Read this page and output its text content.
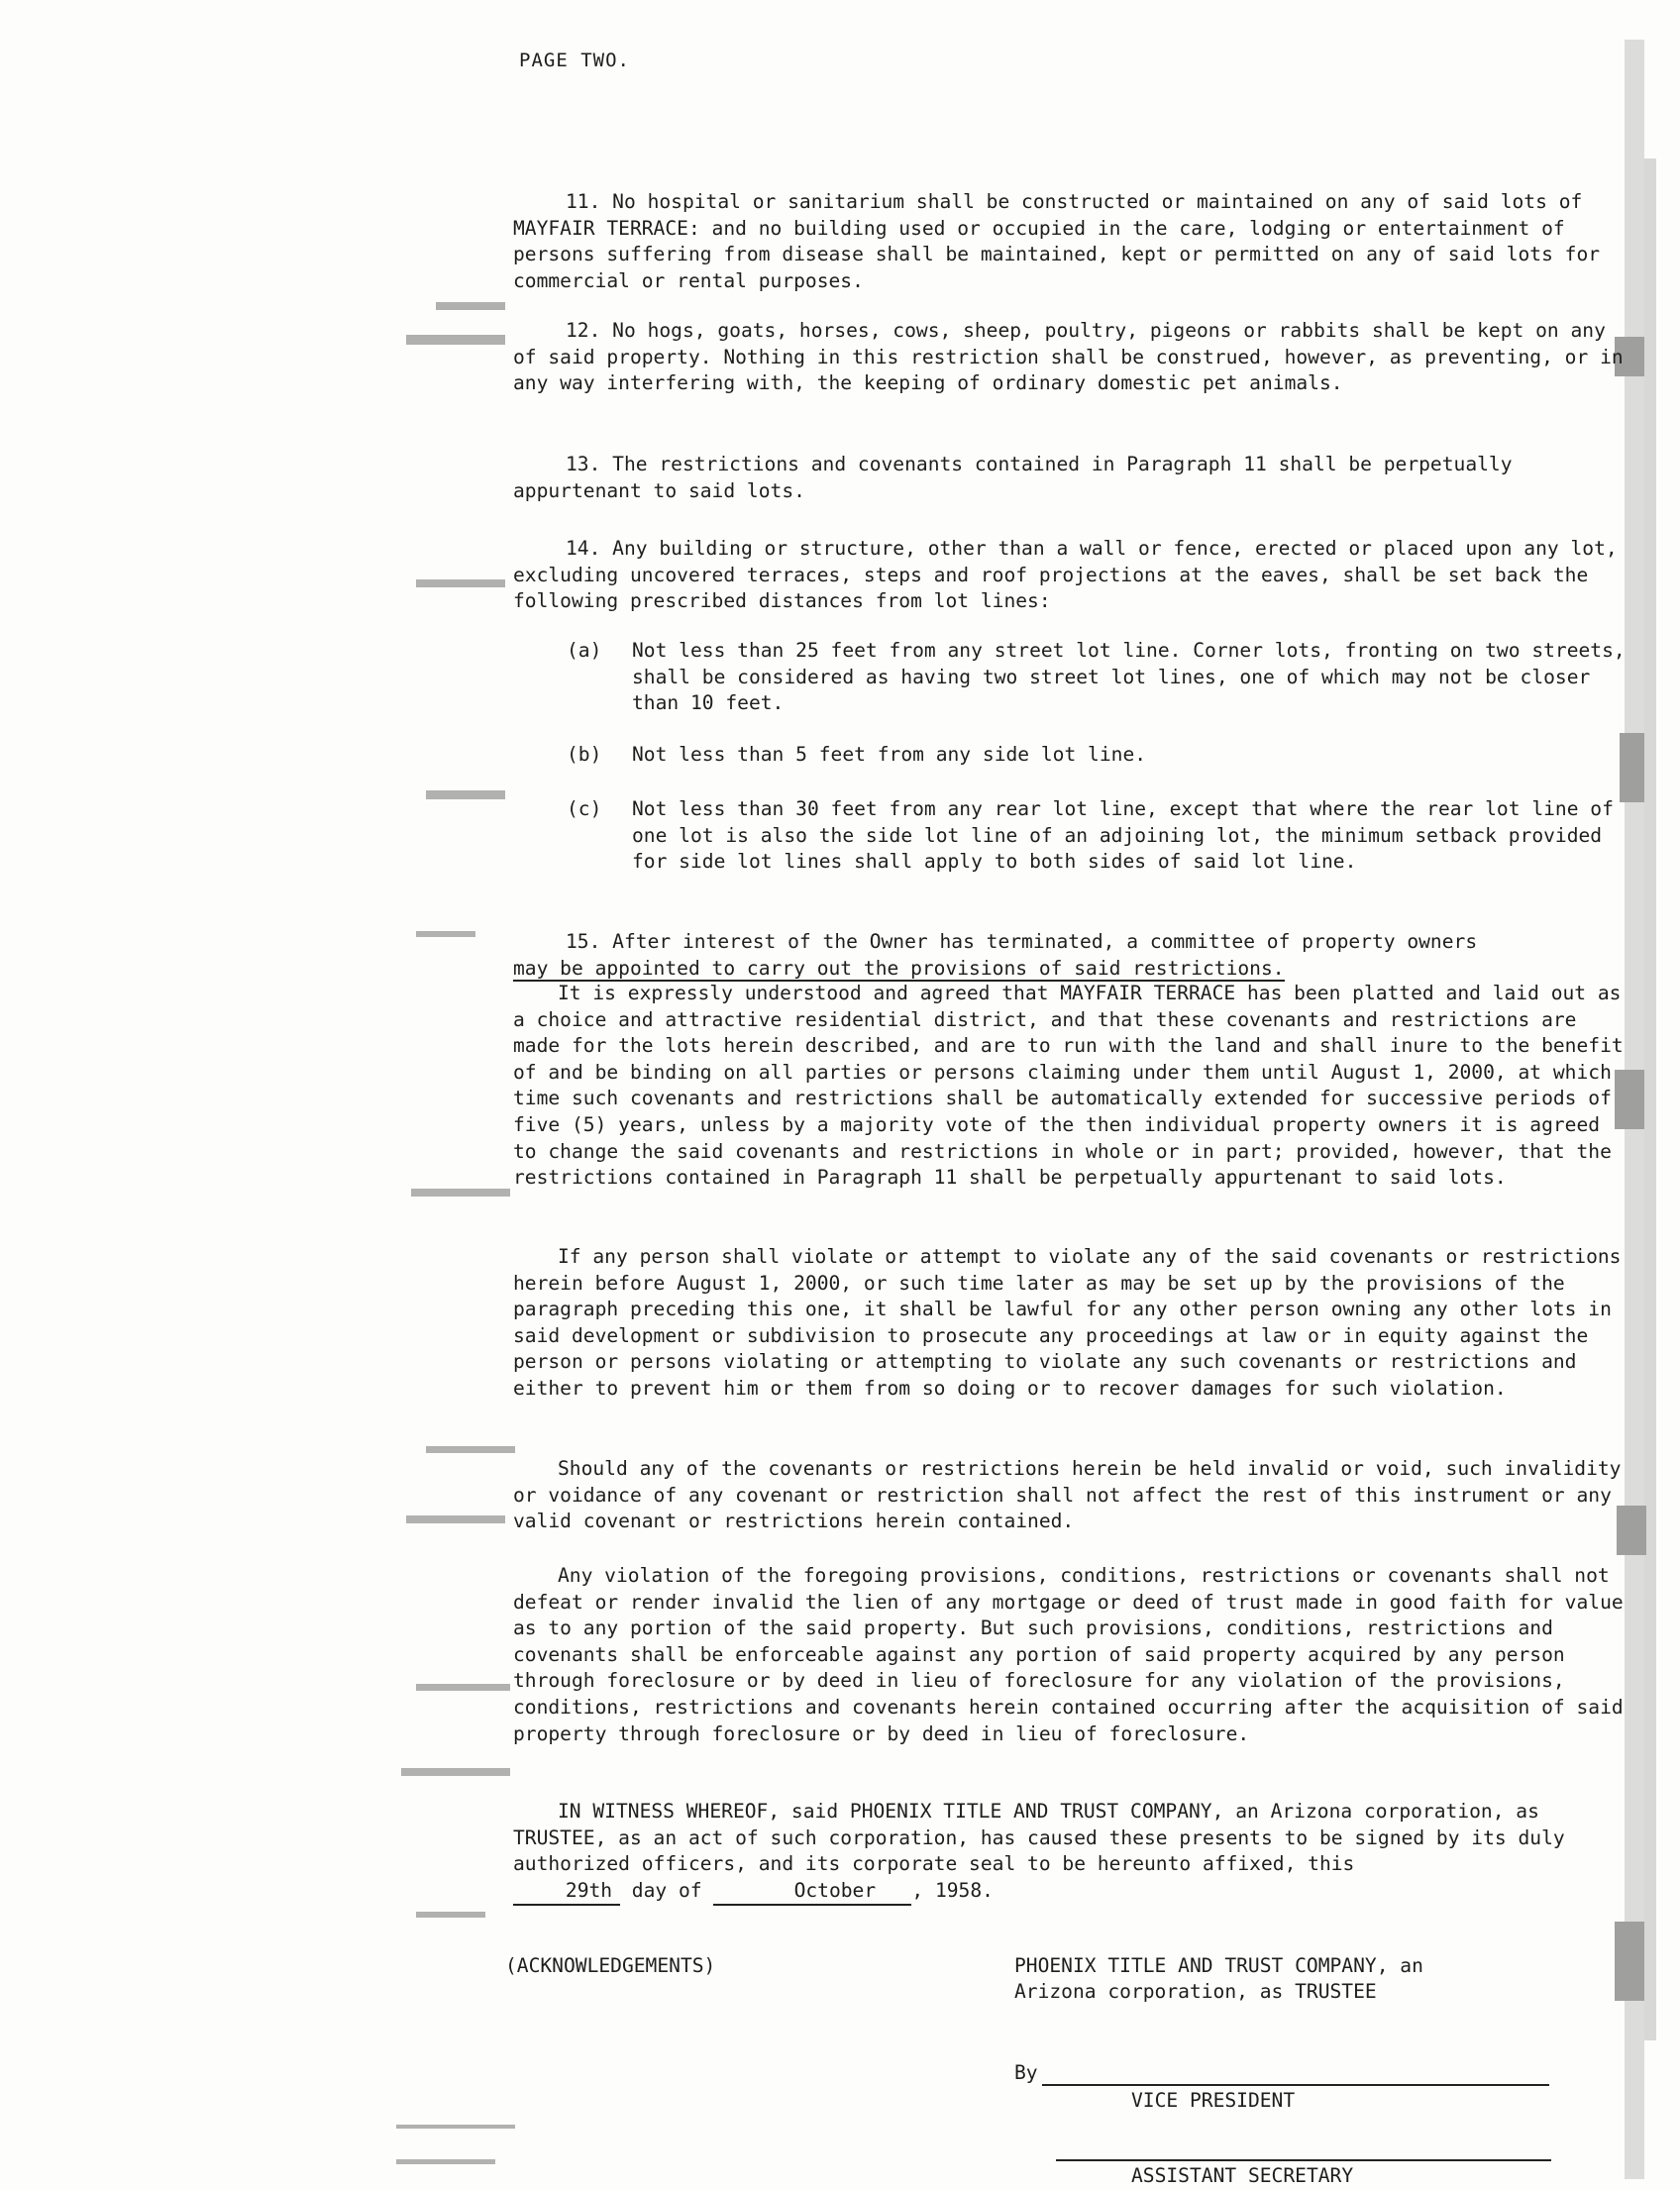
PAGE TWO.
11. No hospital or sanitarium shall be constructed or maintained on any of said lots of MAYFAIR TERRACE: and no building used or occupied in the care, lodging or entertainment of persons suffering from disease shall be maintained, kept or permitted on any of said lots for commercial or rental purposes.
12. No hogs, goats, horses, cows, sheep, poultry, pigeons or rabbits shall be kept on any of said property. Nothing in this restriction shall be construed, however, as preventing, or in any way interfering with, the keeping of ordinary domestic pet animals.
13. The restrictions and covenants contained in Paragraph 11 shall be perpetually appurtenant to said lots.
14. Any building or structure, other than a wall or fence, erected or placed upon any lot, excluding uncovered terraces, steps and roof projections at the eaves, shall be set back the following prescribed distances from lot lines:
(a) Not less than 25 feet from any street lot line. Corner lots, fronting on two streets, shall be considered as having two street lot lines, one of which may not be closer than 10 feet.
(b) Not less than 5 feet from any side lot line.
(c) Not less than 30 feet from any rear lot line, except that where the rear lot line of one lot is also the side lot line of an adjoining lot, the minimum setback provided for side lot lines shall apply to both sides of said lot line.
15. After interest of the Owner has terminated, a committee of property owners
may be appointed to carry out the provisions of said restrictions.
It is expressly understood and agreed that MAYFAIR TERRACE has been platted and laid out as a choice and attractive residential district, and that these covenants and restrictions are made for the lots herein described, and are to run with the land and shall inure to the benefit of and be binding on all parties or persons claiming under them until August 1, 2000, at which time such covenants and restrictions shall be automatically extended for successive periods of five (5) years, unless by a majority vote of the then individual property owners it is agreed to change the said covenants and restrictions in whole or in part; provided, however, that the restrictions contained in Paragraph 11 shall be perpetually appurtenant to said lots.
If any person shall violate or attempt to violate any of the said covenants or restrictions herein before August 1, 2000, or such time later as may be set up by the provisions of the paragraph preceding this one, it shall be lawful for any other person owning any other lots in said development or subdivision to prosecute any proceedings at law or in equity against the person or persons violating or attempting to violate any such covenants or restrictions and either to prevent him or them from so doing or to recover damages for such violation.
Should any of the covenants or restrictions herein be held invalid or void, such invalidity or voidance of any covenant or restriction shall not affect the rest of this instrument or any valid covenant or restrictions herein contained.
Any violation of the foregoing provisions, conditions, restrictions or covenants shall not defeat or render invalid the lien of any mortgage or deed of trust made in good faith for value as to any portion of the said property. But such provisions, conditions, restrictions and covenants shall be enforceable against any portion of said property acquired by any person through foreclosure or by deed in lieu of foreclosure for any violation of the provisions, conditions, restrictions and covenants herein contained occurring after the acquisition of said property through foreclosure or by deed in lieu of foreclosure.
IN WITNESS WHEREOF, said PHOENIX TITLE AND TRUST COMPANY, an Arizona corporation, as TRUSTEE, as an act of such corporation, has caused these presents to be signed by its duly authorized officers, and its corporate seal to be hereunto affixed, this
29th day of	October , 1958.
(ACKNOWLEDGEMENTS)	PHOENIX TITLE AND TRUST COMPANY, an
Arizona corporation, as TRUSTEE
By
VICE PRESIDENT
ASSISTANT SECRETARY
